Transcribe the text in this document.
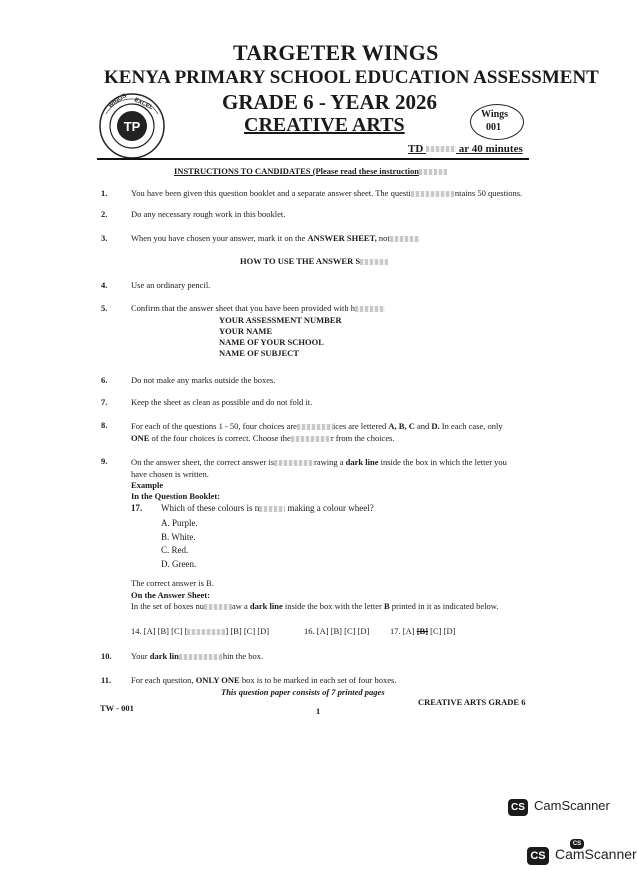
TARGETER WINGS
KENYA PRIMARY SCHOOL EDUCATION ASSESSMENT
GRADE 6 - YEAR 2026
CREATIVE ARTS
TP
WINGS EXCEL
Wings
001
TD	ar 40 minutes
INSTRUCTIONS TO CANDIDATES (Please read these instruction
1.	You have been given this question booklet and a separate answer sheet. The questi	ntains 50 questions.
2.	Do any necessary rough work in this booklet.
3.	When you have chosen your answer, mark it on the ANSWER SHEET, not
HOW TO USE THE ANSWER S
4.	Use an ordinary pencil.
5.	Confirm that the answer sheet that you have been provided with h
YOUR ASSESSMENT NUMBER
YOUR NAME
NAME OF YOUR SCHOOL
NAME OF SUBJECT
6.	Do not make any marks outside the boxes.
7.	Keep the sheet as clean as possible and do not fold it.
8.	For each of the questions 1 - 50, four choices are	ices are lettered A, B, C and D. In each case, only
ONE of the four choices is correct. Choose the	r from the choices.
9.	On the answer sheet, the correct answer is	rawing a dark line inside the box in which the letter you
have chosen is written.
Example
In the Question Booklet:
17. Which of these colours is n	making a colour wheel?
A. Purple.
B. White.
C. Red.
D. Green.
The correct answer is B.
On the Answer Sheet:
In the set of boxes nu	aw a dark line inside the box with the letter B printed in it as indicated below.
14. [A] [B] [C] [	] [B] [C] [D]	16. [A] [B] [C] [D] 17. [A] [B] [C] [D]
10. Your dark lin	hin the box.
11. For each question, ONLY ONE box is to be marked in each set of four boxes.
This question paper consists of 7 printed pages
TW - 001	1
CREATIVE ARTS GRADE 6
CS CamScanner
CS
CS CamScanner
